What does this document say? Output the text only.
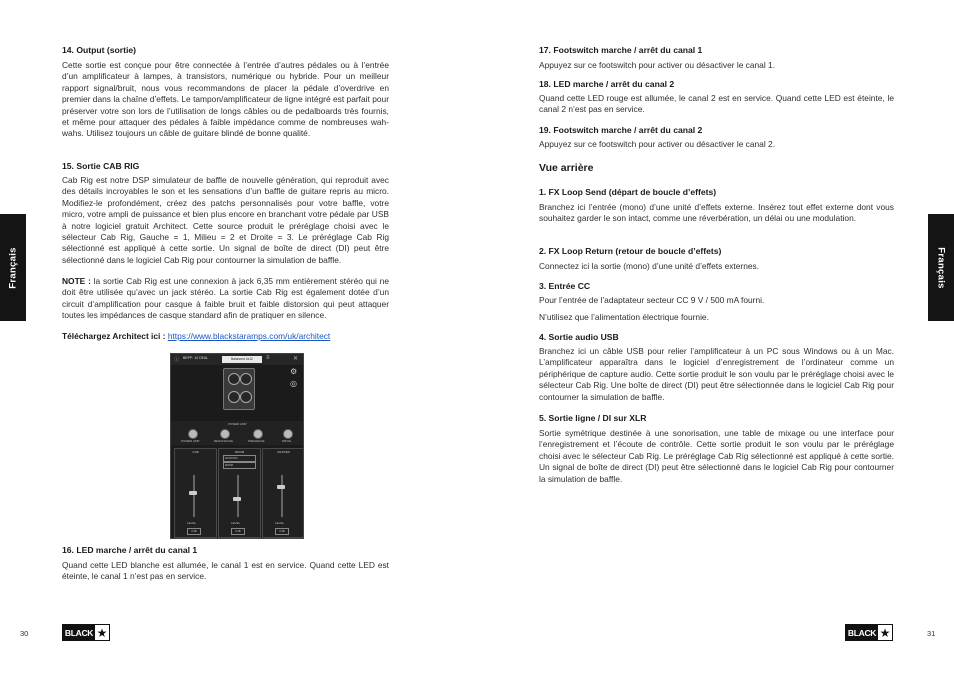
Français
14. Output (sortie)

Cette sortie est conçue pour être connectée à l’entrée d’autres pédales ou à l’entrée d’un amplificateur à lampes, à transistors, numérique ou hybride. Pour un meilleur rapport signal/bruit, nous vous recommandons de placer la pédale d’overdrive en premier dans la chaîne d’effets. Le tampon/amplificateur de ligne intégré est parfait pour préserver votre son lors de l’utilisation de longs câbles ou de pedalboards très fournis, et même pour attaquer des pédales à faible impédance comme de nombreuses wah-wahs. Utilisez toujours un câble de guitare blindé de bonne qualité.

15. Sortie CAB RIG

Cab Rig est notre DSP simulateur de baffle de nouvelle génération, qui reproduit avec des détails incroyables le son et les sensations d’un baffle de guitare repris au micro. Modifiez-le profondément, créez des patchs personnalisés pour votre baffle, votre micro, votre ampli de puissance et bien plus encore en branchant votre pédale par USB à notre logiciel gratuit Architect. Cette source produit le préréglage choisi avec le sélecteur Cab Rig, Gauche = 1, Milieu = 2 et Droite = 3. Le préréglage Cab Rig sélectionné est appliqué à cette sortie. Un signal de boîte de direct (DI) peut être sélectionné dans le logiciel Cab Rig pour contourner la simulation de baffle.

NOTE : la sortie Cab Rig est une connexion à jack 6,35 mm entièrement stéréo qui ne doit être utilisée qu’avec un jack stéréo. La sortie Cab Rig est également dotée d’un circuit d’amplification pour casque à faible bruit et faible distorsion qui peut attaquer toutes les impédances de casque standard afin de pratiquer en silence.

Téléchargez Architect ici : https://www.blackstaramps.com/uk/architect

16. LED marche / arrêt du canal 1

Quand cette LED blanche est allumée, le canal 1 est en service. Quand cette LED est éteinte, le canal 1 n’est pas en service.

ⓘ BEPP: 10 DEAL	Balanced 4x12	≡	✕
⚙
◎
POWER AMP
POWER AMP	RESONANCE	PRESENCE	DRIVE
CAB
LEVEL
0 dB
ROOM
ACOUSTIC
ROOM
LEVEL
0 dB
MASTER
LEVEL
0 dB
17. Footswitch marche / arrêt du canal 1

Appuyez sur ce footswitch pour activer ou désactiver le canal 1.

18. LED marche / arrêt du canal 2

Quand cette LED rouge est allumée, le canal 2 est en service. Quand cette LED est éteinte, le canal 2 n’est pas en service.

19. Footswitch marche / arrêt du canal 2

Appuyez sur ce footswitch pour activer ou désactiver le canal 2.

Vue arrière
1. FX Loop Send (départ de boucle d’effets)

Branchez ici l’entrée (mono) d’une unité d’effets externe. Insérez tout effet externe dont vous souhaitez garder le son intact, comme une réverbération, un délai ou une modulation.

2. FX Loop Return (retour de boucle d’effets)

Connectez ici la sortie (mono) d’une unité d’effets externes.

3. Entrée CC

Pour l’entrée de l’adaptateur secteur CC 9 V / 500 mA fourni.

N’utilisez que l’alimentation électrique fournie.

4. Sortie audio USB

Branchez ici un câble USB pour relier l’amplificateur à un PC sous Windows ou à un Mac. L’amplificateur apparaîtra dans le logiciel d’enregistrement de l’ordinateur comme un périphérique de capture audio. Cette sortie produit le son voulu par le préréglage choisi avec le sélecteur Cab Rig. Une boîte de direct (DI) peut être sélectionnée dans le logiciel Cab Rig pour contourner la simulation de baffle.

5. Sortie ligne / DI sur XLR

Sortie symétrique destinée à une sonorisation, une table de mixage ou une interface pour l’enregistrement et l’écoute de contrôle. Cette sortie produit le son voulu par le préréglage choisi avec le sélecteur Cab Rig. Le préréglage Cab Rig sélectionné est appliqué à cette sortie. Un signal de boîte de direct (DI) peut être sélectionné dans le logiciel Cab Rig pour contourner la simulation de baffle.

Français
30	BLACK ★	BLACK ★	31
